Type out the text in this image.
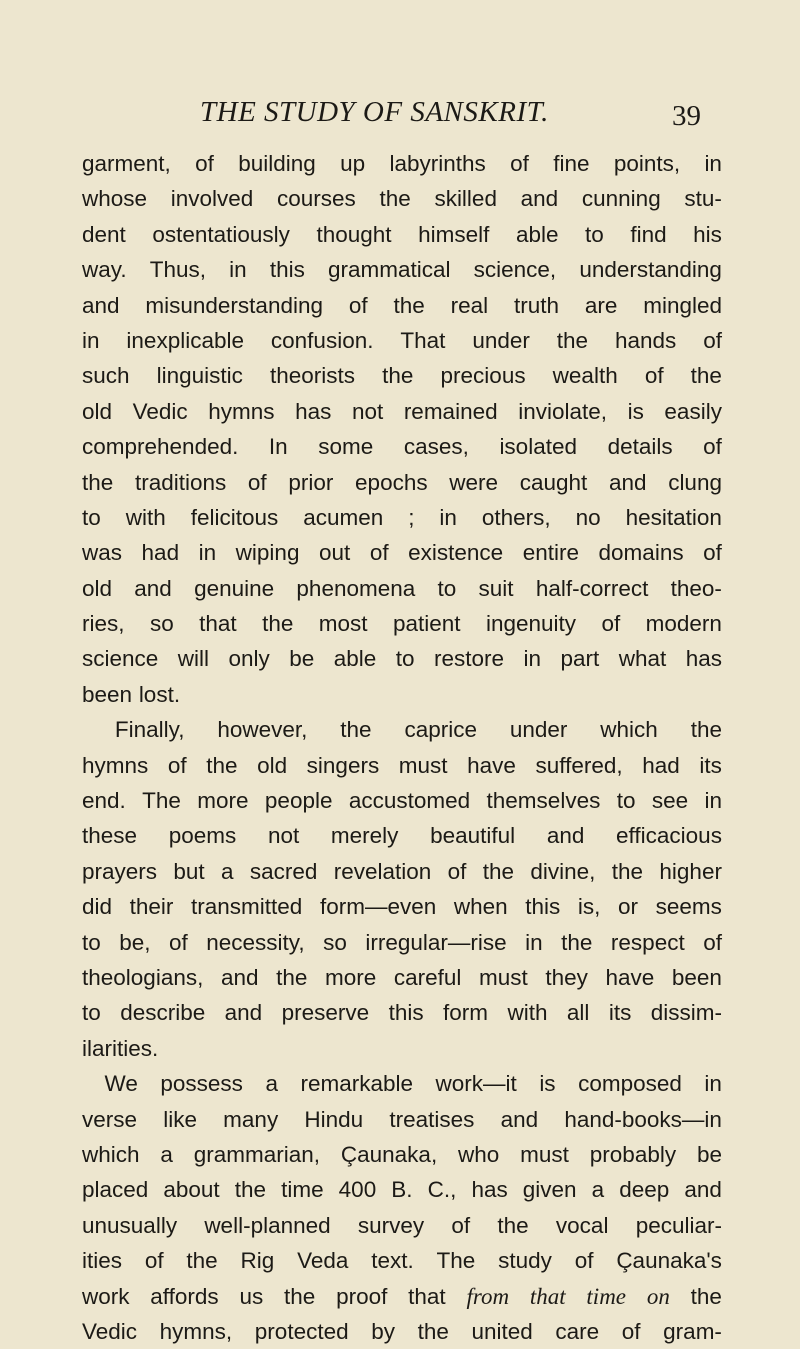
THE STUDY OF SANSKRIT.	39
garment, of building up labyrinths of fine points, in
whose involved courses the skilled and cunning stu-
dent ostentatiously thought himself able to find his
way. Thus, in this grammatical science, understanding
and misunderstanding of the real truth are mingled
in inexplicable confusion. That under the hands of
such linguistic theorists the precious wealth of the
old Vedic hymns has not remained inviolate, is easily
comprehended. In some cases, isolated details of
the traditions of prior epochs were caught and clung
to with felicitous acumen ; in others, no hesitation
was had in wiping out of existence entire domains of
old and genuine phenomena to suit half-correct theo-
ries, so that the most patient ingenuity of modern
science will only be able to restore in part what has
been lost.
Finally, however, the caprice under which the
hymns of the old singers must have suffered, had its
end. The more people accustomed themselves to see in
these poems not merely beautiful and efficacious
prayers but a sacred revelation of the divine, the higher
did their transmitted form—even when this is, or seems
to be, of necessity, so irregular—rise in the respect of
theologians, and the more careful must they have been
to describe and preserve this form with all its dissim-
ilarities.
We possess a remarkable work—it is composed in
verse like many Hindu treatises and hand-books—in
which a grammarian, Çaunaka, who must probably be
placed about the time 400 B. C., has given a deep and
unusually well-planned survey of the vocal peculiar-
ities of the Rig Veda text. The study of Çaunaka's
work affords us the proof that from that time on the
Vedic hymns, protected by the united care of gram-
